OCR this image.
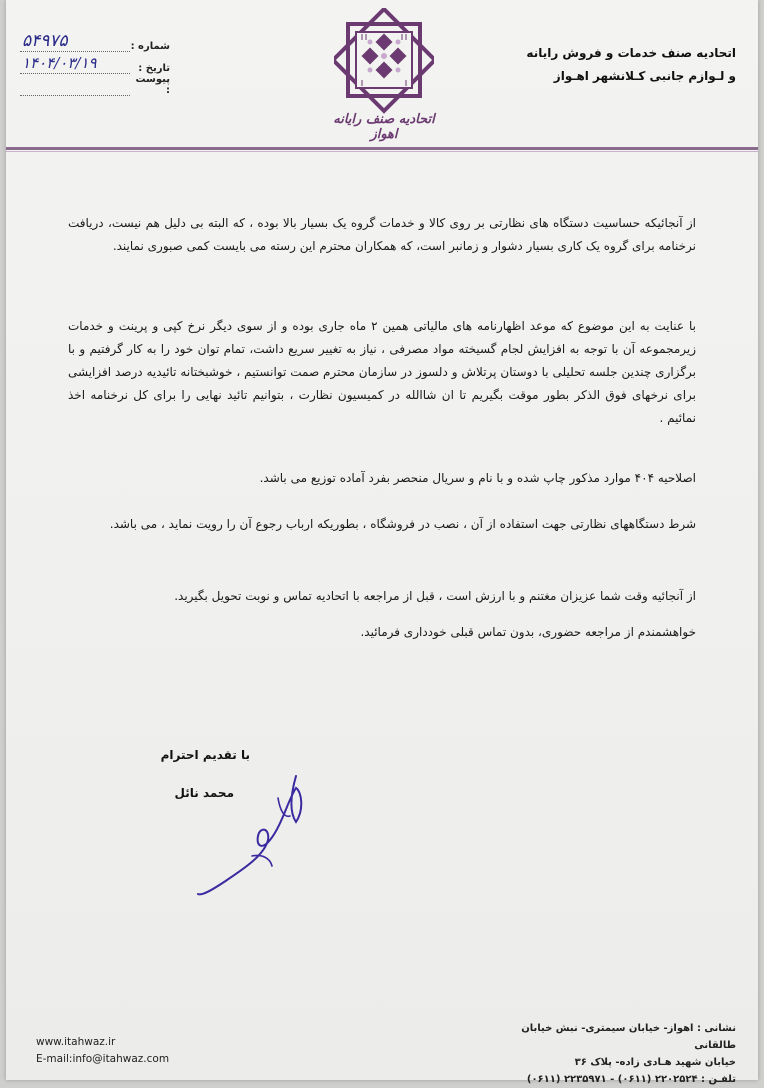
شماره :
۵۴۹۷۵
تاریخ :
۱۴۰۴/۰۳/۱۹
پیوست :
اتحادیه صنف رایانه اهواز
اتحادیه صنف خدمات و فروش رایانه
و لـوازم جانبی کـلانشهر اهـواز

از آنجائیکه حساسیت دستگاه های نظارتی بر روی کالا و خدمات گروه یک بسیار بالا بوده ، که البته بی دلیل هم نیست، دریافت نرخنامه برای گروه یک کاری بسیار دشوار و زمانبر است، که همکاران محترم این رسته می بایست کمی صبوری نمایند.

با عنایت به این موضوع که موعد اظهارنامه های مالیاتی همین ۲ ماه جاری بوده و از سوی دیگر نرخ کپی و پرینت و خدمات زیرمجموعه آن با توجه به افزایش لجام گسیخته مواد مصرفی ، نیاز به تغییر سریع داشت، تمام توان خود را به کار گرفتیم و با برگزاری چندین جلسه تحلیلی با دوستان پرتلاش و دلسوز در سازمان محترم صمت توانستیم ، خوشبختانه تائیدیه درصد افزایشی برای نرخهای فوق الذکر بطور موقت بگیریم تا ان شاالله در کمیسیون نظارت ، بتوانیم تائید نهایی را برای کل نرخنامه اخذ نمائیم .

اصلاحیه ۴۰۴ موارد مذکور چاپ شده و با نام و سریال منحصر بفرد آماده توزیع می باشد.

شرط دستگاههای نظارتی جهت استفاده از آن ، نصب در فروشگاه ، بطوریکه ارباب رجوع آن را رویت نماید ، می باشد.

از آنجائیه وقت شما عزیزان مغتنم و با ارزش است ، قبل از مراجعه با اتحادیه تماس و نوبت تحویل بگیرید.

خواهشمندم از مراجعه حضوری، بدون تماس قبلی خودداری فرمائید.

با تقدیم احترام
محمد نائل
www.itahwaz.ir
E-mail:info@itahwaz.com
نشانی : اهواز- خیابان سیمتری- نبش خیابان طالقانی
خیابان شهید هـادی زاده- پلاک ۳۶
تلفـن : ۲۲۰۲۵۲۴ (۰۶۱۱) - ۲۲۳۵۹۷۱ (۰۶۱۱)
